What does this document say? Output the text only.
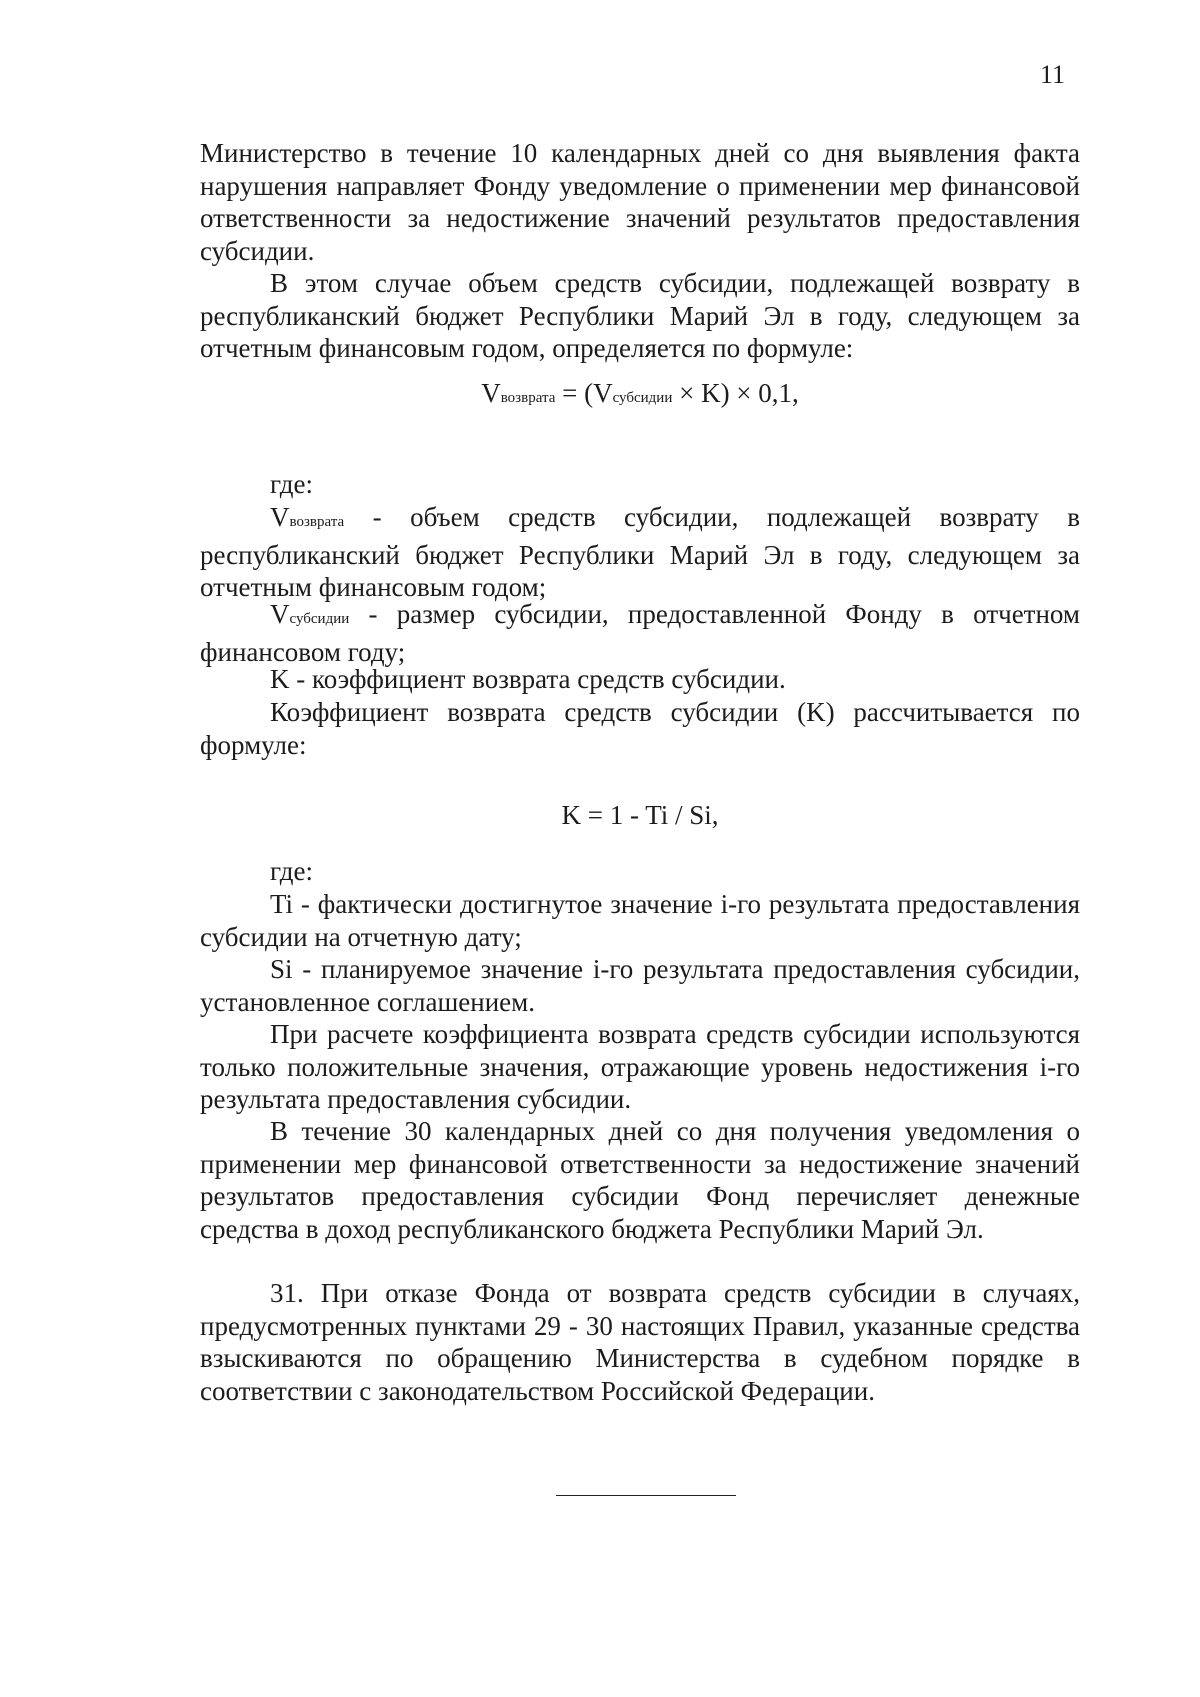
11

Министерство в течение 10 календарных дней со дня выявления факта нарушения направляет Фонду уведомление о применении мер финансовой ответственности за недостижение значений результатов предоставления субсидии.

В этом случае объем средств субсидии, подлежащей возврату в республиканский бюджет Республики Марий Эл в году, следующем за отчетным финансовым годом, определяется по формуле:

Vвозврата = (Vсубсидии × K) × 0,1,
где:

Vвозврата - объем средств субсидии, подлежащей возврату в республиканский бюджет Республики Марий Эл в году, следующем за отчетным финансовым годом;

Vсубсидии - размер субсидии, предоставленной Фонду в отчетном финансовом году;

K - коэффициент возврата средств субсидии.

Коэффициент возврата средств субсидии (K) рассчитывается по формуле:

K = 1 - Ti / Si,
где:

Ti - фактически достигнутое значение i-го результата предоставления субсидии на отчетную дату;

Si - планируемое значение i-го результата предоставления субсидии, установленное соглашением.

При расчете коэффициента возврата средств субсидии используются только положительные значения, отражающие уровень недостижения i-го результата предоставления субсидии.

В течение 30 календарных дней со дня получения уведомления о применении мер финансовой ответственности за недостижение значений результатов предоставления субсидии Фонд перечисляет денежные средства в доход республиканского бюджета Республики Марий Эл.

31. При отказе Фонда от возврата средств субсидии в случаях, предусмотренных пунктами 29 - 30 настоящих Правил, указанные средства взыскиваются по обращению Министерства в судебном порядке в соответствии с законодательством Российской Федерации.
